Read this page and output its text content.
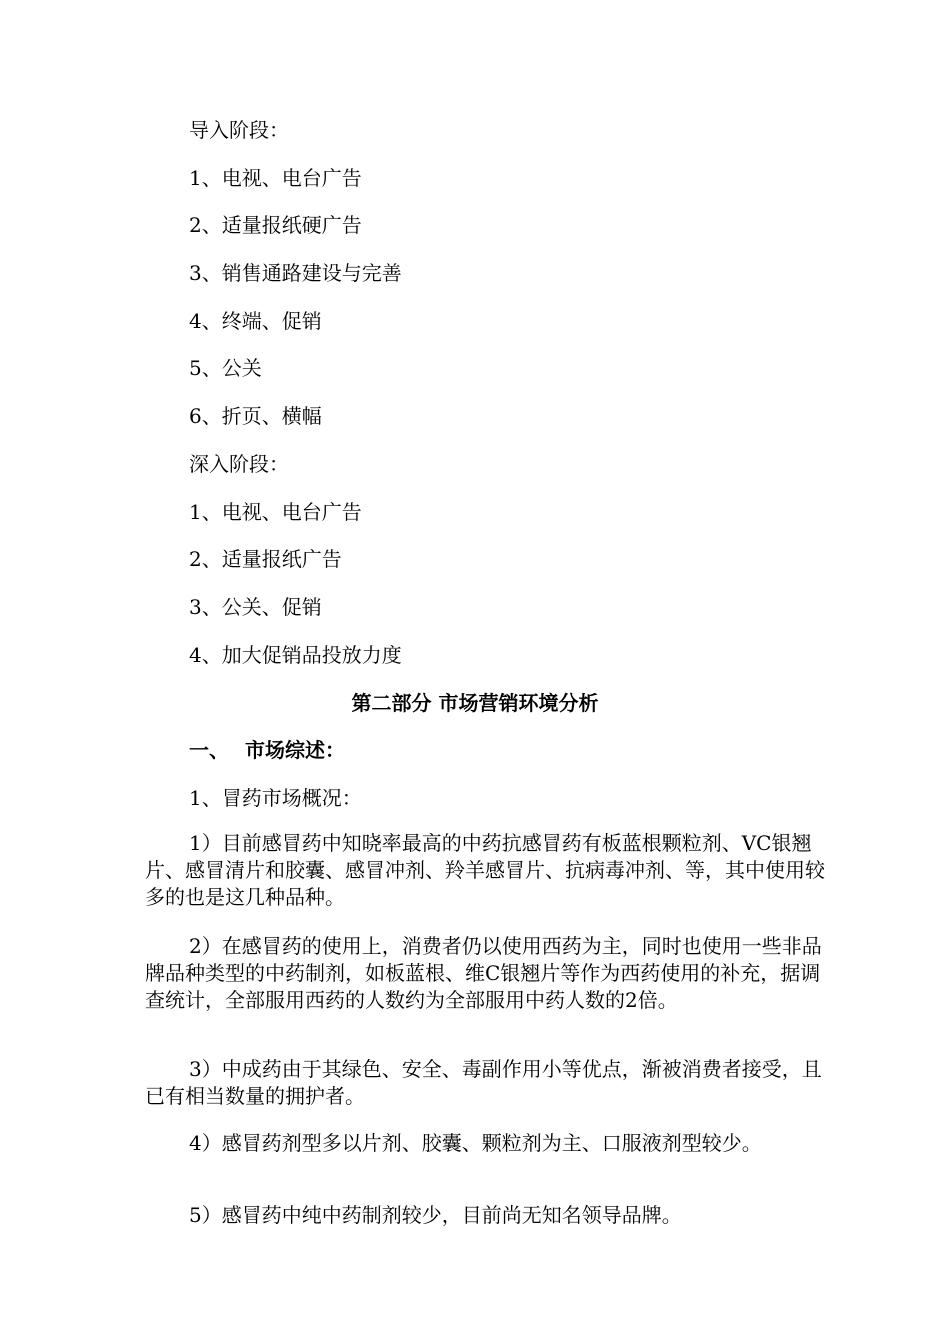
导入阶段：
1、电视、电台广告
2、适量报纸硬广告
3、销售通路建设与完善
4、终端、促销
5、公关
6、折页、横幅
深入阶段：
1、电视、电台广告
2、适量报纸广告
3、公关、促销
4、加大促销品投放力度
第二部分 市场营销环境分析
一、 市场综述：
1、冒药市场概况：
1）目前感冒药中知晓率最高的中药抗感冒药有板蓝根颗粒剂、VC银翘片、感冒清片和胶囊、感冒冲剂、羚羊感冒片、抗病毒冲剂、等，其中使用较多的也是这几种品种。
2）在感冒药的使用上，消费者仍以使用西药为主，同时也使用一些非品牌品种类型的中药制剂，如板蓝根、维C银翘片等作为西药使用的补充，据调查统计，全部服用西药的人数约为全部服用中药人数的2倍。
3）中成药由于其绿色、安全、毒副作用小等优点，渐被消费者接受，且已有相当数量的拥护者。
4）感冒药剂型多以片剂、胶囊、颗粒剂为主、口服液剂型较少。
5）感冒药中纯中药制剂较少，目前尚无知名领导品牌。
